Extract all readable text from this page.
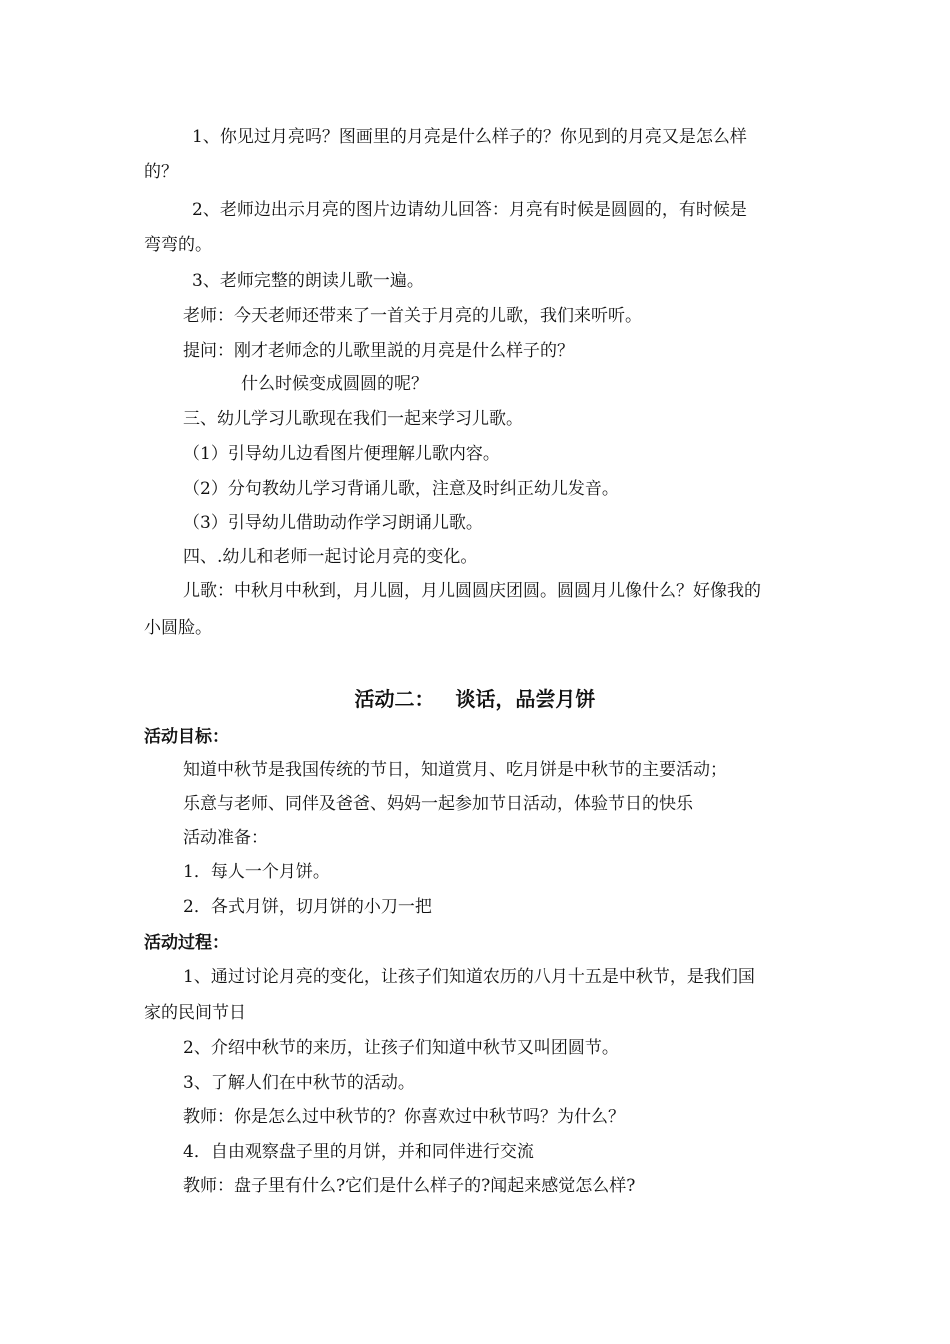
1、你见过月亮吗？图画里的月亮是什么样子的？你见到的月亮又是怎么样
的？
2、老师边出示月亮的图片边请幼儿回答：月亮有时候是圆圆的，有时候是
弯弯的。
3、老师完整的朗读儿歌一遍。
老师：今天老师还带来了一首关于月亮的儿歌，我们来听听。
提问：刚才老师念的儿歌里説的月亮是什么样子的？
什么时候变成圆圆的呢？
三、幼儿学习儿歌现在我们一起来学习儿歌。
（1）引导幼儿边看图片便理解儿歌内容。
（2）分句教幼儿学习背诵儿歌，注意及时纠正幼儿发音。
（3）引导幼儿借助动作学习朗诵儿歌。
四、.幼儿和老师一起讨论月亮的变化。
儿歌：中秋月中秋到，月儿圆，月儿圆圆庆团圆。圆圆月儿像什么？好像我的
小圆脸。
活动二：   谈话，品尝月饼
活动目标：
知道中秋节是我国传统的节日，知道赏月、吃月饼是中秋节的主要活动；
乐意与老师、同伴及爸爸、妈妈一起参加节日活动，体验节日的快乐
活动准备：
1．每人一个月饼。
2．各式月饼，切月饼的小刀一把
活动过程：
1、通过讨论月亮的变化，让孩子们知道农历的八月十五是中秋节，是我们国
家的民间节日
2、介绍中秋节的来历，让孩子们知道中秋节又叫团圆节。
3、了解人们在中秋节的活动。
教师：你是怎么过中秋节的？你喜欢过中秋节吗？为什么？
4．自由观察盘子里的月饼，并和同伴进行交流
教师：盘子里有什么?它们是什么样子的?闻起来感觉怎么样?
